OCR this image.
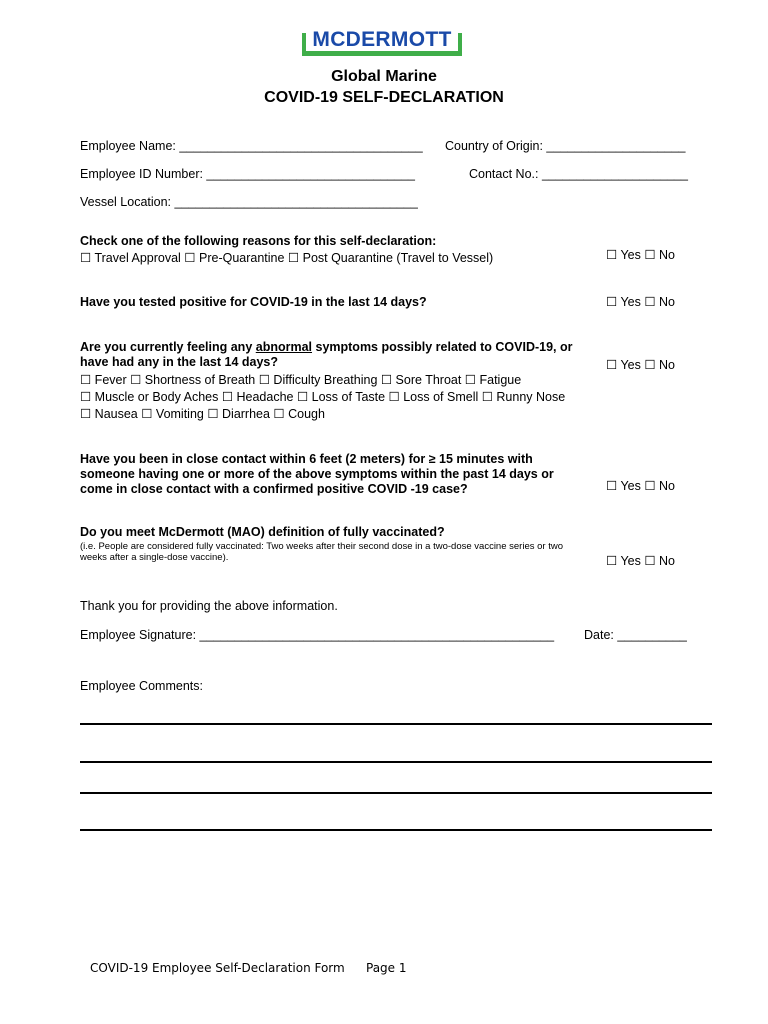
MCDERMOTT
Global Marine
COVID-19 SELF-DECLARATION
Employee Name: ___________________________________ Country of Origin: ____________________
Employee ID Number: ______________________________	Contact No.: _____________________
Vessel Location: ___________________________________
Check one of the following reasons for this self-declaration:
☐ Travel Approval ☐ Pre-Quarantine ☐ Post Quarantine (Travel to Vessel)	☐ Yes ☐ No
Have you tested positive for COVID-19 in the last 14 days?	☐ Yes ☐ No
Are you currently feeling any abnormal symptoms possibly related to COVID-19, or
have had any in the last 14 days?
☐ Fever ☐ Shortness of Breath ☐ Difficulty Breathing ☐ Sore Throat ☐ Fatigue
☐ Muscle or Body Aches ☐ Headache ☐ Loss of Taste ☐ Loss of Smell ☐ Runny Nose
☐ Nausea ☐ Vomiting ☐ Diarrhea ☐ Cough
☐ Yes ☐ No
Have you been in close contact within 6 feet (2 meters) for ≥ 15 minutes with
someone having one or more of the above symptoms within the past 14 days or
come in close contact with a confirmed positive COVID -19 case?	☐ Yes ☐ No
Do you meet McDermott (MAO) definition of fully vaccinated?
(i.e. People are considered fully vaccinated: Two weeks after their second dose in a two-dose vaccine series or two
weeks after a single-dose vaccine).	☐ Yes ☐ No
Thank you for providing the above information.
Employee Signature: ___________________________________________________ Date: __________
Employee Comments:
COVID-19 Employee Self-Declaration Form Page 1
